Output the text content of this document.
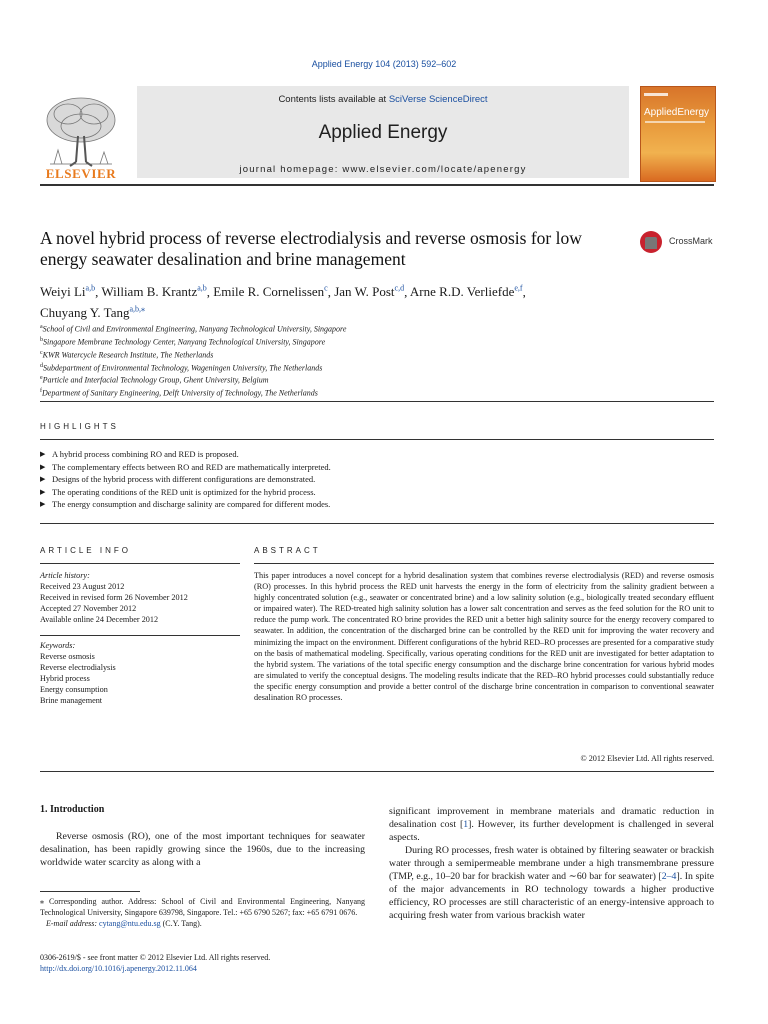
Applied Energy 104 (2013) 592–602
ELSEVIER
Contents lists available at SciVerse ScienceDirect
Applied Energy
journal homepage: www.elsevier.com/locate/apenergy
AppliedEnergy
A novel hybrid process of reverse electrodialysis and reverse osmosis for low energy seawater desalination and brine management
CrossMark
Weiyi Li$^{a,b}$, William B. Krantz$^{a,b}$, Emile R. Cornelissen$^c$, Jan W. Post$^{c,d}$, Arne R.D. Verliefde$^{e,f}$,
Chuyang Y. Tang$^{a,b,⁎}$
$^a$School of Civil and Environmental Engineering, Nanyang Technological University, Singapore
$^b$Singapore Membrane Technology Center, Nanyang Technological University, Singapore
$^c$KWR Watercycle Research Institute, The Netherlands
$^d$Subdepartment of Environmental Technology, Wageningen University, The Netherlands
$^e$Particle and Interfacial Technology Group, Ghent University, Belgium
$^f$Department of Sanitary Engineering, Delft University of Technology, The Netherlands
HIGHLIGHTS
▶ A hybrid process combining RO and RED is proposed.
▶ The complementary effects between RO and RED are mathematically interpreted.
▶ Designs of the hybrid process with different configurations are demonstrated.
▶ The operating conditions of the RED unit is optimized for the hybrid process.
▶ The energy consumption and discharge salinity are compared for different modes.
ARTICLE INFO
Article history:
Received 23 August 2012
Received in revised form 26 November 2012
Accepted 27 November 2012
Available online 24 December 2012
Keywords:
Reverse osmosis
Reverse electrodialysis
Hybrid process
Energy consumption
Brine management
ABSTRACT
This paper introduces a novel concept for a hybrid desalination system that combines reverse electrodialysis (RED) and reverse osmosis (RO) processes. In this hybrid process the RED unit harvests the energy in the form of electricity from the salinity gradient between a highly concentrated solution (e.g., seawater or concentrated brine) and a low salinity solution (e.g., biologically treated secondary effluent or impaired water). The RED-treated high salinity solution has a lower salt concentration and serves as the feed solution for the RO unit to reduce the pump work. The concentrated RO brine provides the RED unit a better high salinity source for the energy recovery compared to seawater. In addition, the concentration of the discharged brine can be controlled by the RED unit for improving the water recovery and minimizing the impact on the environment. Different configurations of the hybrid RED–RO processes are presented for a comparative study on the basis of mathematical modeling. Specifically, various operating conditions for the RED unit are investigated for better adaptation to the hybrid system. The variations of the total specific energy consumption and the discharge brine concentration for various hybrid modes are simulated to verify the conceptual designs. The modeling results indicate that the RED–RO hybrid processes could substantially reduce the specific energy consumption and provide a better control of the discharge brine concentration in comparison to conventional seawater desalination RO processes.
© 2012 Elsevier Ltd. All rights reserved.
1. Introduction

Reverse osmosis (RO), one of the most important techniques for seawater desalination, has been rapidly growing since the 1960s, due to the increasing worldwide water scarcity as along with a

significant improvement in membrane materials and dramatic reduction in desalination cost [1]. However, its further development is challenged in several aspects.

During RO processes, fresh water is obtained by filtering seawater or brackish water through a semipermeable membrane under a high transmembrane pressure (TMP, e.g., 10–20 bar for brackish water and ∼60 bar for seawater) [2–4]. In spite of the major advancements in RO technology towards a higher productive efficiency, RO processes are still characteristic of an energy-intensive approach to acquiring fresh water from various brackish water

⁎ Corresponding author. Address: School of Civil and Environmental Engineering, Nanyang Technological University, Singapore 639798, Singapore. Tel.: +65 6790 5267; fax: +65 6791 0676.
E-mail address: cytang@ntu.edu.sg (C.Y. Tang).
0306-2619/$ - see front matter © 2012 Elsevier Ltd. All rights reserved.
http://dx.doi.org/10.1016/j.apenergy.2012.11.064
